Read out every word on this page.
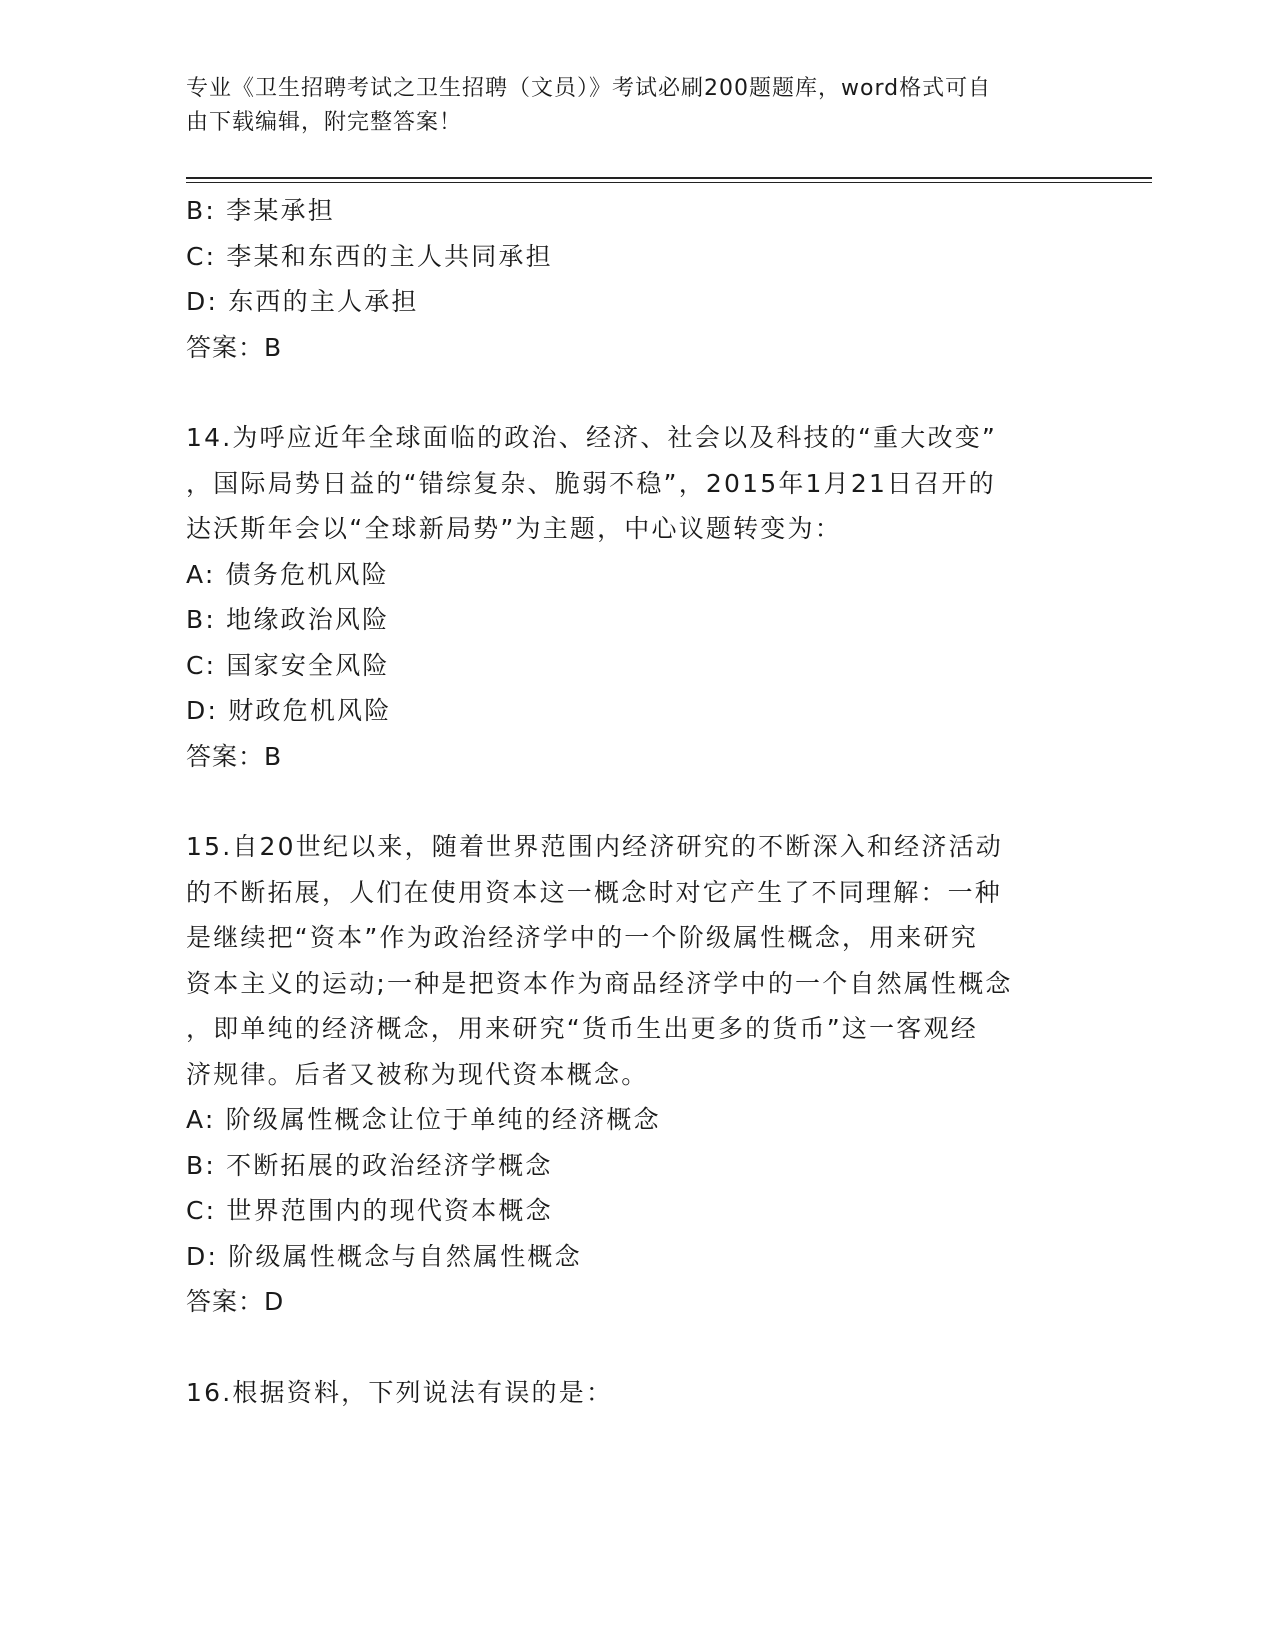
专业《卫生招聘考试之卫生招聘（文员）》考试必刷200题题库，word格式可自
由下载编辑，附完整答案！
B: 李某承担
C: 李某和东西的主人共同承担
D: 东西的主人承担
答案：B
14.为呼应近年全球面临的政治、经济、社会以及科技的“重大改变”
，国际局势日益的“错综复杂、脆弱不稳”，2015年1月21日召开的
达沃斯年会以“全球新局势”为主题，中心议题转变为：
A: 债务危机风险
B: 地缘政治风险
C: 国家安全风险
D: 财政危机风险
答案：B
15.自20世纪以来，随着世界范围内经济研究的不断深入和经济活动
的不断拓展，人们在使用资本这一概念时对它产生了不同理解：一种
是继续把“资本”作为政治经济学中的一个阶级属性概念，用来研究
资本主义的运动;一种是把资本作为商品经济学中的一个自然属性概念
，即单纯的经济概念，用来研究“货币生出更多的货币”这一客观经
济规律。后者又被称为现代资本概念。
A: 阶级属性概念让位于单纯的经济概念
B: 不断拓展的政治经济学概念
C: 世界范围内的现代资本概念
D: 阶级属性概念与自然属性概念
答案：D
16.根据资料，下列说法有误的是：
